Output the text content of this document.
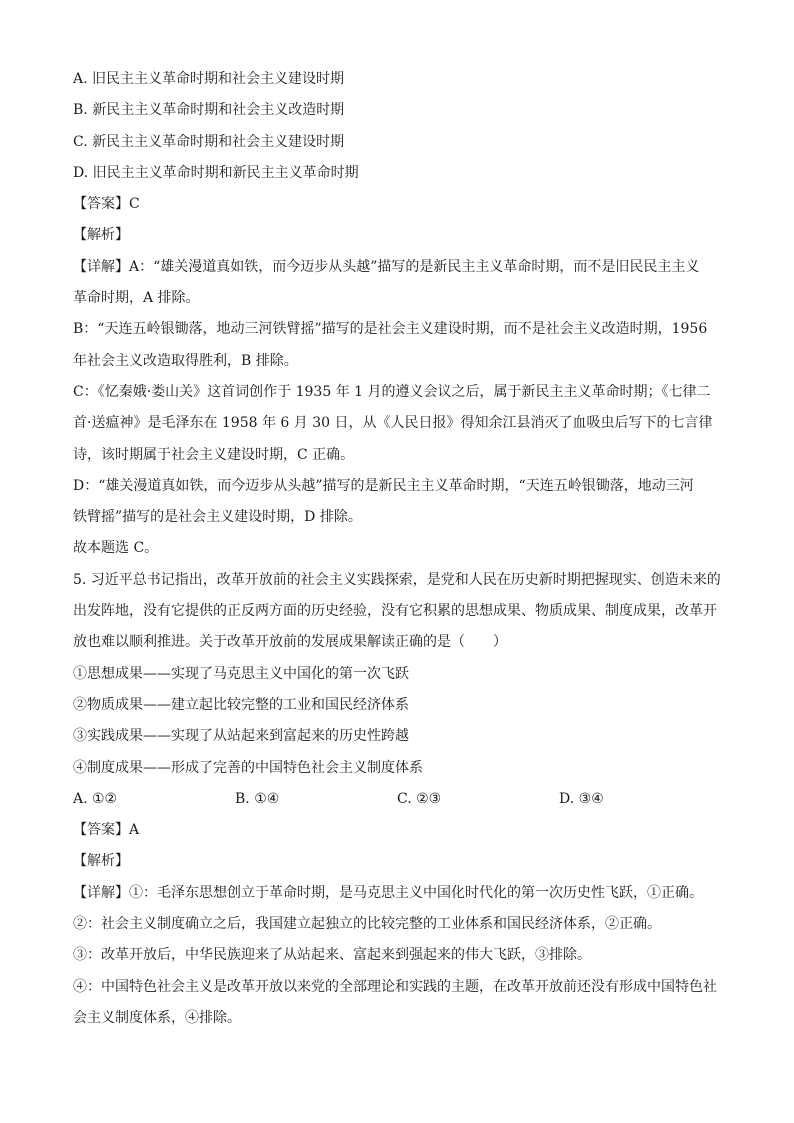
A. 旧民主主义革命时期和社会主义建设时期
B. 新民主主义革命时期和社会主义改造时期
C. 新民主主义革命时期和社会主义建设时期
D. 旧民主主义革命时期和新民主主义革命时期
【答案】C
【解析】
【详解】A：“雄关漫道真如铁，而今迈步从头越”描写的是新民主主义革命时期，而不是旧民民主主义
革命时期，A 排除。
B：“天连五岭银锄落，地动三河铁臂摇”描写的是社会主义建设时期，而不是社会主义改造时期，1956
年社会主义改造取得胜利，B 排除。
C：《忆秦娥·娄山关》这首词创作于 1935 年 1 月的遵义会议之后，属于新民主主义革命时期；《七律二
首·送瘟神》是毛泽东在 1958 年 6 月 30 日，从《人民日报》得知余江县消灭了血吸虫后写下的七言律
诗，该时期属于社会主义建设时期，C 正确。
D：“雄关漫道真如铁，而今迈步从头越”描写的是新民主主义革命时期，“天连五岭银锄落，地动三河
铁臂摇”描写的是社会主义建设时期，D 排除。
故本题选 C。
5. 习近平总书记指出，改革开放前的社会主义实践探索，是党和人民在历史新时期把握现实、创造未来的
出发阵地，没有它提供的正反两方面的历史经验，没有它积累的思想成果、物质成果、制度成果，改革开
放也难以顺利推进。关于改革开放前的发展成果解读正确的是（　　）
①思想成果——实现了马克思主义中国化的第一次飞跃
②物质成果——建立起比较完整的工业和国民经济体系
③实践成果——实现了从站起来到富起来的历史性跨越
④制度成果——形成了完善的中国特色社会主义制度体系
A. ①②	B. ①④	C. ②③	D. ③④
【答案】A
【解析】
【详解】①：毛泽东思想创立于革命时期，是马克思主义中国化时代化的第一次历史性飞跃，①正确。
②：社会主义制度确立之后，我国建立起独立的比较完整的工业体系和国民经济体系，②正确。
③：改革开放后，中华民族迎来了从站起来、富起来到强起来的伟大飞跃，③排除。
④：中国特色社会主义是改革开放以来党的全部理论和实践的主题，在改革开放前还没有形成中国特色社
会主义制度体系，④排除。
